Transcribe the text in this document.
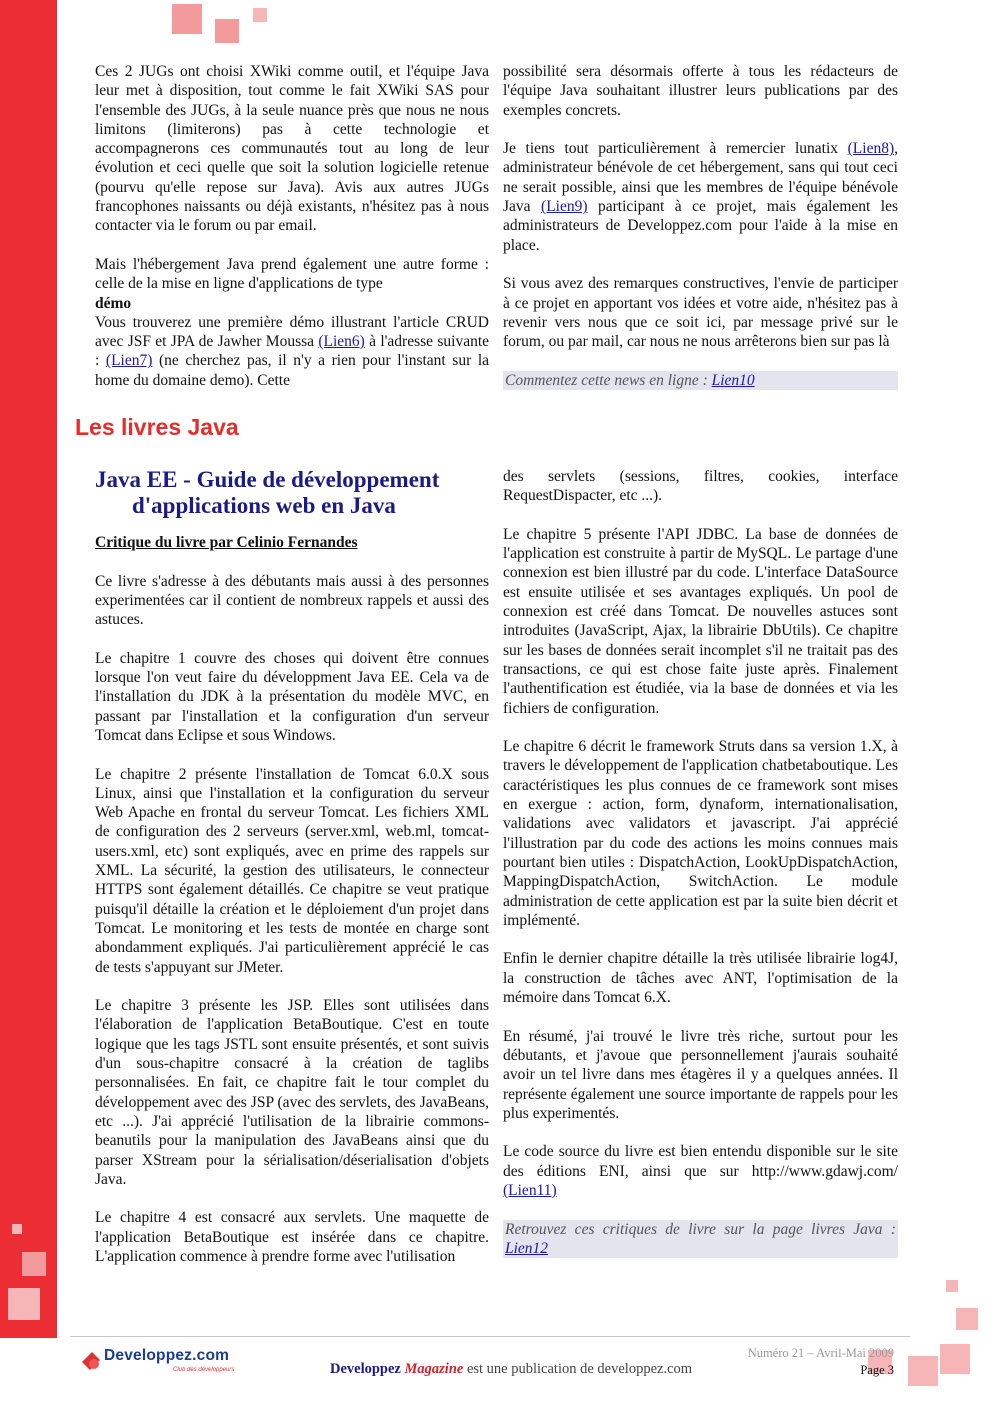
Ces 2 JUGs ont choisi XWiki comme outil, et l'équipe Java leur met à disposition, tout comme le fait XWiki SAS pour l'ensemble des JUGs, à la seule nuance près que nous ne nous limitons (limiterons) pas à cette technologie et accompagnerons ces communautés tout au long de leur évolution et ceci quelle que soit la solution logicielle retenue (pourvu qu'elle repose sur Java). Avis aux autres JUGs francophones naissants ou déjà existants, n'hésitez pas à nous contacter via le forum ou par email.

Mais l'hébergement Java prend également une autre forme : celle de la mise en ligne d'applications de type
démo
Vous trouverez une première démo illustrant l'article CRUD avec JSF et JPA de Jawher Moussa (Lien6) à l'adresse suivante : (Lien7) (ne cherchez pas, il n'y a rien pour l'instant sur la home du domaine demo). Cette

possibilité sera désormais offerte à tous les rédacteurs de l'équipe Java souhaitant illustrer leurs publications par des exemples concrets.

Je tiens tout particulièrement à remercier lunatix (Lien8), administrateur bénévole de cet hébergement, sans qui tout ceci ne serait possible, ainsi que les membres de l'équipe bénévole Java (Lien9) participant à ce projet, mais également les administrateurs de Developpez.com pour l'aide à la mise en place.

Si vous avez des remarques constructives, l'envie de participer à ce projet en apportant vos idées et votre aide, n'hésitez pas à revenir vers nous que ce soit ici, par message privé sur le forum, ou par mail, car nous ne nous arrêterons bien sur pas là

Commentez cette news en ligne : Lien10

Les livres Java
Java EE - Guide de développement
d'applications web en Java

Critique du livre par Celinio Fernandes

Ce livre s'adresse à des débutants mais aussi à des personnes experimentées car il contient de nombreux rappels et aussi des astuces.

Le chapitre 1 couvre des choses qui doivent être connues lorsque l'on veut faire du développment Java EE. Cela va de l'installation du JDK à la présentation du modèle MVC, en passant par l'installation et la configuration d'un serveur Tomcat dans Eclipse et sous Windows.

Le chapitre 2 présente l'installation de Tomcat 6.0.X sous Linux, ainsi que l'installation et la configuration du serveur Web Apache en frontal du serveur Tomcat. Les fichiers XML de configuration des 2 serveurs (server.xml, web.ml, tomcat-users.xml, etc) sont expliqués, avec en prime des rappels sur XML. La sécurité, la gestion des utilisateurs, le connecteur HTTPS sont également détaillés. Ce chapitre se veut pratique puisqu'il détaille la création et le déploiement d'un projet dans Tomcat. Le monitoring et les tests de montée en charge sont abondamment expliqués. J'ai particulièrement apprécié le cas de tests s'appuyant sur JMeter.

Le chapitre 3 présente les JSP. Elles sont utilisées dans l'élaboration de l'application BetaBoutique. C'est en toute logique que les tags JSTL sont ensuite présentés, et sont suivis d'un sous-chapitre consacré à la création de taglibs personnalisées. En fait, ce chapitre fait le tour complet du développement avec des JSP (avec des servlets, des JavaBeans, etc ...). J'ai apprécié l'utilisation de la librairie commons-beanutils pour la manipulation des JavaBeans ainsi que du parser XStream pour la sérialisation/déserialisation d'objets Java.

Le chapitre 4 est consacré aux servlets. Une maquette de l'application BetaBoutique est insérée dans ce chapitre. L'application commence à prendre forme avec l'utilisation

des servlets (sessions, filtres, cookies, interface RequestDispacter, etc ...).

Le chapitre 5 présente l'API JDBC. La base de données de l'application est construite à partir de MySQL. Le partage d'une connexion est bien illustré par du code. L'interface DataSource est ensuite utilisée et ses avantages expliqués. Un pool de connexion est créé dans Tomcat. De nouvelles astuces sont introduites (JavaScript, Ajax, la librairie DbUtils). Ce chapitre sur les bases de données serait incomplet s'il ne traitait pas des transactions, ce qui est chose faite juste après. Finalement l'authentification est étudiée, via la base de données et via les fichiers de configuration.

Le chapitre 6 décrit le framework Struts dans sa version 1.X, à travers le développement de l'application chatbetaboutique. Les caractéristiques les plus connues de ce framework sont mises en exergue : action, form, dynaform, internationalisation, validations avec validators et javascript. J'ai apprécié l'illustration par du code des actions les moins connues mais pourtant bien utiles : DispatchAction, LookUpDispatchAction, MappingDispatchAction, SwitchAction. Le module administration de cette application est par la suite bien décrit et implémenté.

Enfin le dernier chapitre détaille la très utilisée librairie log4J, la construction de tâches avec ANT, l'optimisation de la mémoire dans Tomcat 6.X.

En résumé, j'ai trouvé le livre très riche, surtout pour les débutants, et j'avoue que personnellement j'aurais souhaité avoir un tel livre dans mes étagères il y a quelques années. Il représente également une source importante de rappels pour les plus experimentés.

Le code source du livre est bien entendu disponible sur le site des éditions ENI, ainsi que sur http://www.gdawj.com/ (Lien11)

Retrouvez ces critiques de livre sur la page livres Java : Lien12

Developpez.com
Club des développeurs	Developpez Magazine est une publication de developpez.com
Numéro 21 – Avril-Mai 2009
Page 3
